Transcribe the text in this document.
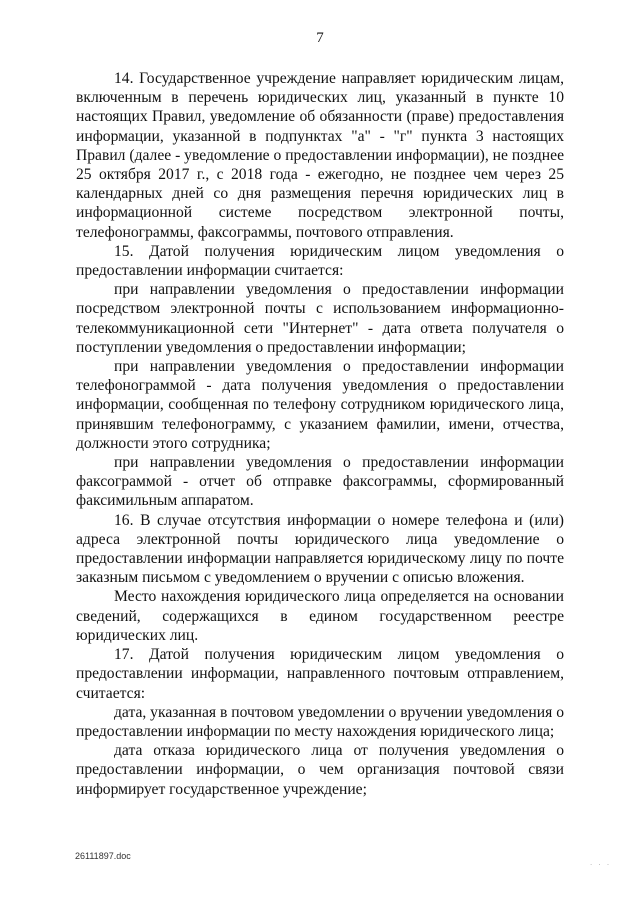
7

14. Государственное учреждение направляет юридическим лицам, включенным в перечень юридических лиц, указанный в пункте 10 настоящих Правил, уведомление об обязанности (праве) предоставления информации, указанной в подпунктах "а" - "г" пункта 3 настоящих Правил (далее - уведомление о предоставлении информации), не позднее 25 октября 2017 г., с 2018 года - ежегодно, не позднее чем через 25 календарных дней со дня размещения перечня юридических лиц в информационной системе посредством электронной почты, телефонограммы, факсограммы, почтового отправления.

15. Датой получения юридическим лицом уведомления о предоставлении информации считается:

при направлении уведомления о предоставлении информации посредством электронной почты с использованием информационно-телекоммуникационной сети "Интернет" - дата ответа получателя о поступлении уведомления о предоставлении информации;

при направлении уведомления о предоставлении информации телефонограммой - дата получения уведомления о предоставлении информации, сообщенная по телефону сотрудником юридического лица, принявшим телефонограмму, с указанием фамилии, имени, отчества, должности этого сотрудника;

при направлении уведомления о предоставлении информации факсограммой - отчет об отправке факсограммы, сформированный факсимильным аппаратом.

16. В случае отсутствия информации о номере телефона и (или) адреса электронной почты юридического лица уведомление о предоставлении информации направляется юридическому лицу по почте заказным письмом с уведомлением о вручении с описью вложения.

Место нахождения юридического лица определяется на основании сведений, содержащихся в едином государственном реестре юридических лиц.

17. Датой получения юридическим лицом уведомления о предоставлении информации, направленного почтовым отправлением, считается:

дата, указанная в почтовом уведомлении о вручении уведомления о предоставлении информации по месту нахождения юридического лица;

дата отказа юридического лица от получения уведомления о предоставлении информации, о чем организация почтовой связи информирует государственное учреждение;

26111897.doc
. . .
